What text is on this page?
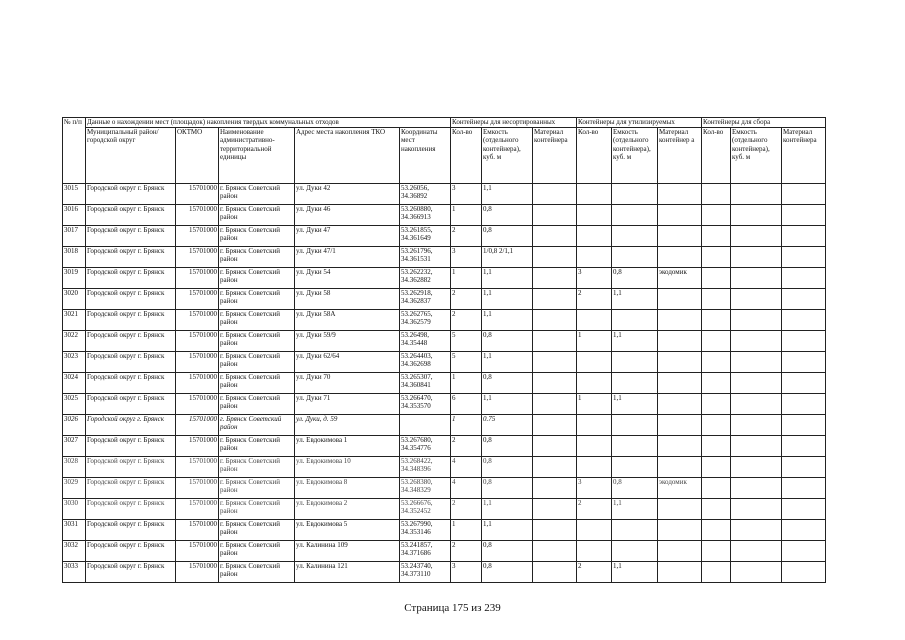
№ п/п	Данные о нахождении мест (площадок) накопления твердых коммунальных отходов					Контейнеры для несортированных			Контейнеры для утилизируемых			Контейнеры для сбора		
	Муниципальный район/городской округ	ОКТМО	Наименование административно-территориальной единицы	Адрес места накопления ТКО	Координаты мест накопления	Кол-во	Емкость (отдельного контейнера), куб. м	Материал контейнера	Кол-во	Емкость (отдельного контейнера), куб. м	Материал контейнер а	Кол-во	Емкость (отдельного контейнера), куб. м	Материал контейнера
3015	Городской округ г. Брянск	15701000	г. Брянск Советский район	ул. Дуки 42	53.26056, 34.36892	3	1,1							
3016	Городской округ г. Брянск	15701000	г. Брянск Советский район	ул. Дуки 46	53.260880, 34.366913	1	0,8							
3017	Городской округ г. Брянск	15701000	г. Брянск Советский район	ул. Дуки 47	53.261855, 34.361649	2	0,8							
3018	Городской округ г. Брянск	15701000	г. Брянск Советский район	ул. Дуки 47/1	53.261796, 34.361531	3	1/0,8 2/1,1							
3019	Городской округ г. Брянск	15701000	г. Брянск Советский район	ул. Дуки 54	53.262232, 34.362882	1	1,1		3	0,8	экодомик			
3020	Городской округ г. Брянск	15701000	г. Брянск Советский район	ул. Дуки 58	53.262918, 34.362837	2	1,1		2	1,1				
3021	Городской округ г. Брянск	15701000	г. Брянск Советский район	ул. Дуки 58А	53.262765, 34.362579	2	1,1							
3022	Городской округ г. Брянск	15701000	г. Брянск Советский район	ул. Дуки 59/9	53.26498, 34.35448	5	0,8		1	1,1				
3023	Городской округ г. Брянск	15701000	г. Брянск Советский район	ул. Дуки 62/64	53.264403, 34.362698	5	1,1							
3024	Городской округ г. Брянск	15701000	г. Брянск Советский район	ул. Дуки 70	53.265307, 34.360841	1	0,8							
3025	Городской округ г. Брянск	15701000	г. Брянск Советский район	ул. Дуки 71	53.266470, 34.353570	6	1,1		1	1,1				
3026	Городской округ г. Брянск	15701000	г. Брянск Советский район	ул. Дуки, д. 59		1	0.75							
3027	Городской округ г. Брянск	15701000	г. Брянск Советский район	ул. Евдокимова 1	53.267680, 34.354776	2	0,8							
3028	Городской округ г. Брянск	15701000	г. Брянск Советский район	ул. Евдокимова 10	53.268422, 34.348396	4	0,8							
3029	Городской округ г. Брянск	15701000	г. Брянск Советский район	ул. Евдокимова 8	53.268380, 34.348329	4	0,8		3	0,8	экодомик			
3030	Городской округ г. Брянск	15701000	г. Брянск Советский район	ул. Евдокимова 2	53.266676, 34.352452	2	1,1		2	1,1				
3031	Городской округ г. Брянск	15701000	г. Брянск Советский район	ул. Евдокимова 5	53.267990, 34.353146	1	1,1							
3032	Городской округ г. Брянск	15701000	г. Брянск Советский район	ул. Калинина 109	53.241857, 34.371686	2	0,8							
3033	Городской округ г. Брянск	15701000	г. Брянск Советский район	ул. Калинина 121	53.243740, 34.373110	3	0,8		2	1,1				
Страница 175 из 239
